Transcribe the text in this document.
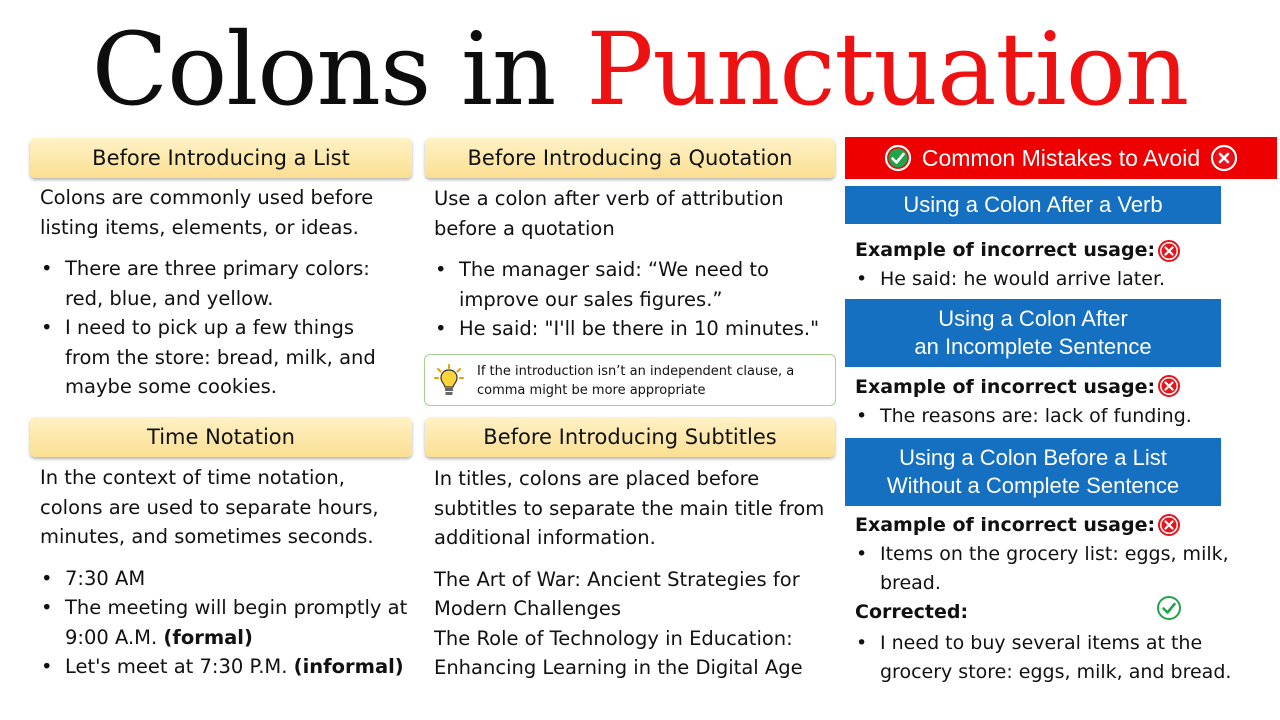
Colons in Punctuation
Before Introducing a List
Colons are commonly used before listing items, elements, or ideas.
• There are three primary colors: red, blue, and yellow.
• I need to pick up a few things from the store: bread, milk, and maybe some cookies.
Before Introducing a Quotation
Use a colon after verb of attribution before a quotation
• The manager said: “We need to improve our sales figures.”
• He said: "I'll be there in 10 minutes."
If the introduction isn’t an independent clause, a comma might be more appropriate
Time Notation
In the context of time notation, colons are used to separate hours, minutes, and sometimes seconds.
• 7:30 AM
• The meeting will begin promptly at 9:00 A.M. (formal)
• Let's meet at 7:30 P.M. (informal)
Before Introducing Subtitles
In titles, colons are placed before subtitles to separate the main title from additional information.
The Art of War: Ancient Strategies for Modern Challenges
The Role of Technology in Education: Enhancing Learning in the Digital Age
Common Mistakes to Avoid
Using a Colon After a Verb
Example of incorrect usage:
• He said: he would arrive later.
Using a Colon After
an Incomplete Sentence
Example of incorrect usage:
• The reasons are: lack of funding.
Using a Colon Before a List
Without a Complete Sentence
Example of incorrect usage:
• Items on the grocery list: eggs, milk, bread.
Corrected:
• I need to buy several items at the grocery store: eggs, milk, and bread.
